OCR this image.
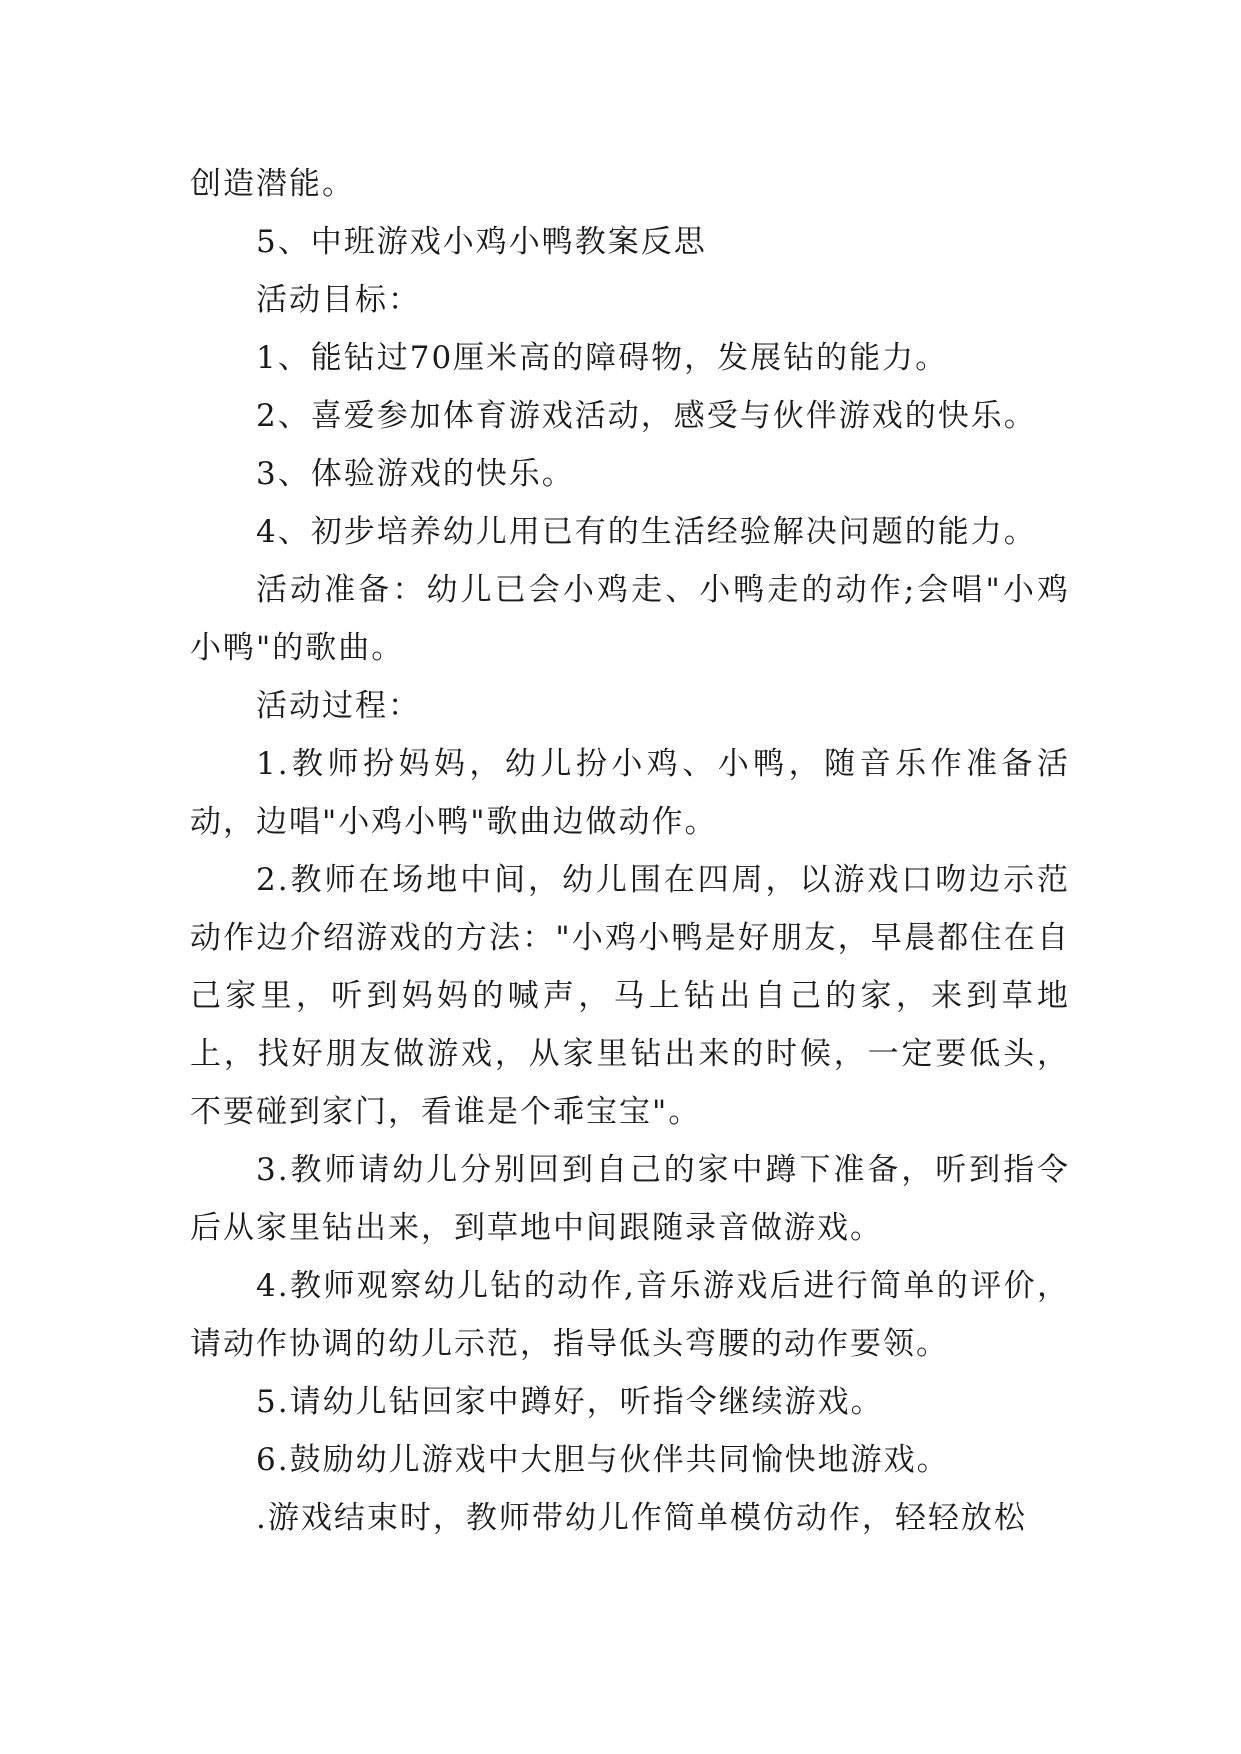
创造潜能。

5、中班游戏小鸡小鸭教案反思

活动目标：

1、能钻过70厘米高的障碍物，发展钻的能力。

2、喜爱参加体育游戏活动，感受与伙伴游戏的快乐。

3、体验游戏的快乐。

4、初步培养幼儿用已有的生活经验解决问题的能力。

活动准备：幼儿已会小鸡走、小鸭走的动作;会唱"小鸡小鸭"的歌曲。

活动过程：

1.教师扮妈妈，幼儿扮小鸡、小鸭，随音乐作准备活动，边唱"小鸡小鸭"歌曲边做动作。

2.教师在场地中间，幼儿围在四周，以游戏口吻边示范动作边介绍游戏的方法："小鸡小鸭是好朋友，早晨都住在自己家里，听到妈妈的喊声，马上钻出自己的家，来到草地上，找好朋友做游戏，从家里钻出来的时候，一定要低头，不要碰到家门，看谁是个乖宝宝"。

3.教师请幼儿分别回到自己的家中蹲下准备，听到指令后从家里钻出来，到草地中间跟随录音做游戏。

4.教师观察幼儿钻的动作,音乐游戏后进行简单的评价，请动作协调的幼儿示范，指导低头弯腰的动作要领。

5.请幼儿钻回家中蹲好，听指令继续游戏。

6.鼓励幼儿游戏中大胆与伙伴共同愉快地游戏。

.游戏结束时，教师带幼儿作简单模仿动作，轻轻放松
